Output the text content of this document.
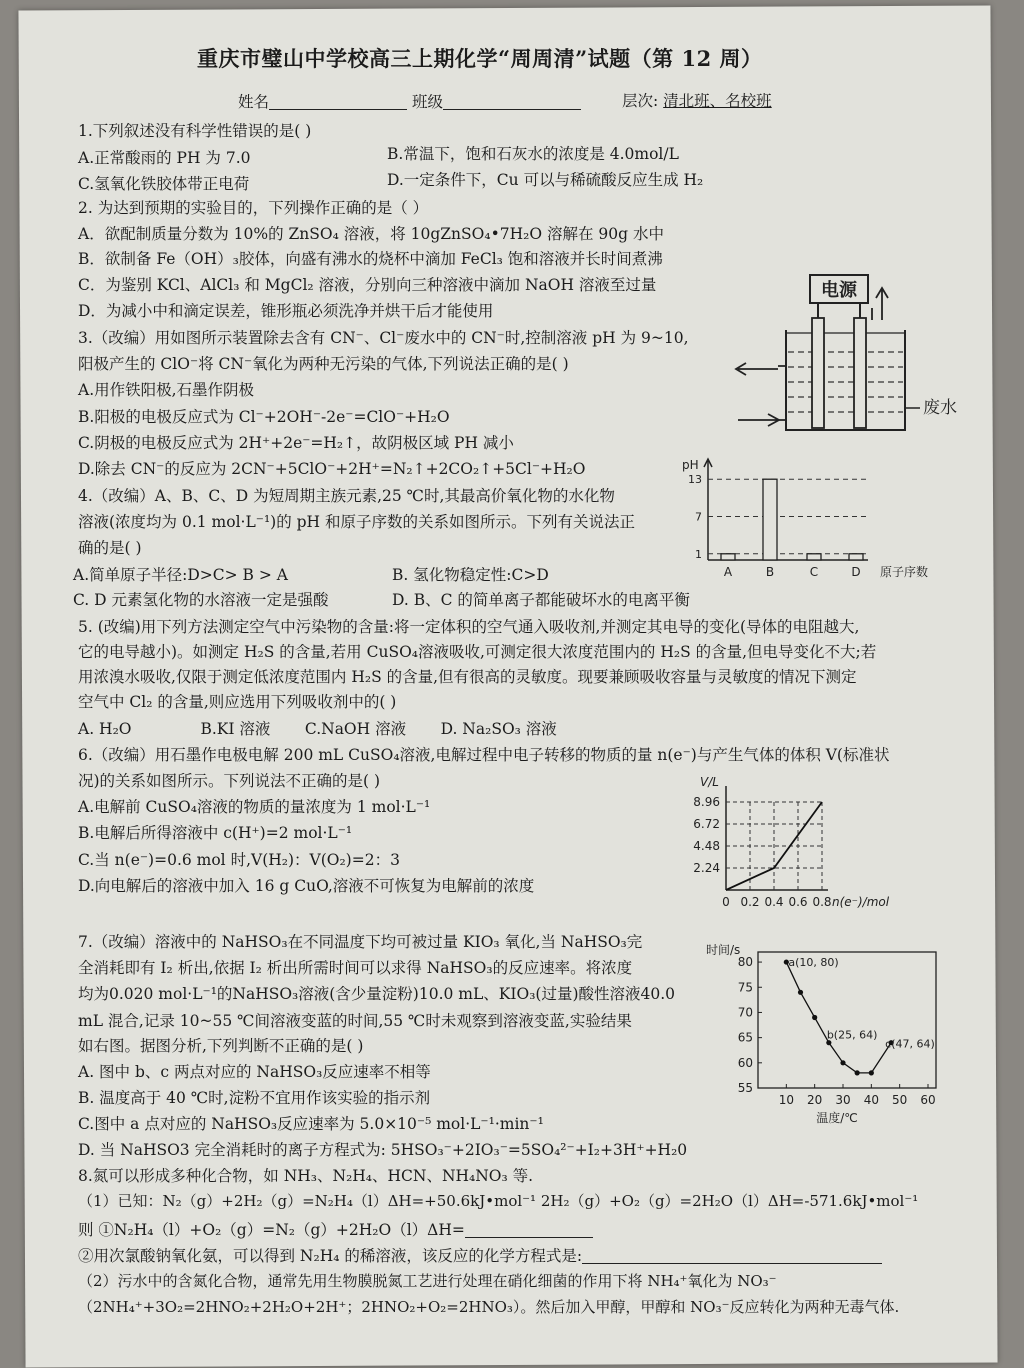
重庆市璧山中学校高三上期化学“周周清”试题（第 12 周）
姓名	班级	层次: 清北班、名校班
1.下列叙述没有科学性错误的是( )
A.正常酸雨的 PH 为 7.0	B.常温下，饱和石灰水的浓度是 4.0mol/L
C.氢氧化铁胶体带正电荷	D.一定条件下，Cu 可以与稀硫酸反应生成 H₂
2. 为达到预期的实验目的，下列操作正确的是（ ）
A．欲配制质量分数为 10%的 ZnSO₄ 溶液，将 10gZnSO₄•7H₂O 溶解在 90g 水中
B．欲制备 Fe（OH）₃胶体，向盛有沸水的烧杯中滴加 FeCl₃ 饱和溶液并长时间煮沸
C．为鉴别 KCl、AlCl₃ 和 MgCl₂ 溶液，分别向三种溶液中滴加 NaOH 溶液至过量
D．为减小中和滴定误差，锥形瓶必须洗净并烘干后才能使用
3.（改编）用如图所示装置除去含有 CN⁻、Cl⁻废水中的 CN⁻时,控制溶液 pH 为 9~10,
阳极产生的 ClO⁻将 CN⁻氧化为两种无污染的气体,下列说法正确的是( )
A.用作铁阳极,石墨作阴极
B.阳极的电极反应式为 Cl⁻+2OH⁻-2e⁻=ClO⁻+H₂O
C.阴极的电极反应式为 2H⁺+2e⁻=H₂↑，故阴极区域 PH 减小
D.除去 CN⁻的反应为 2CN⁻+5ClO⁻+2H⁺=N₂↑+2CO₂↑+5Cl⁻+H₂O
电源
废水
4.（改编）A、B、C、D 为短周期主族元素,25 ℃时,其最高价氧化物的水化物
溶液(浓度均为 0.1 mol·L⁻¹)的 pH 和原子序数的关系如图所示。下列有关说法正
确的是( )
A.简单原子半径:D>C> B > A	B. 氢化物稳定性:C>D
C. D 元素氢化物的水溶液一定是强酸	D. B、C 的简单离子都能破坏水的电离平衡
pH
1
7
13
A	B	C	D 原子序数
5. (改编)用下列方法测定空气中污染物的含量:将一定体积的空气通入吸收剂,并测定其电导的变化(导体的电阻越大,
它的电导越小)。如测定 H₂S 的含量,若用 CuSO₄溶液吸收,可测定很大浓度范围内的 H₂S 的含量,但电导变化不大;若
用浓溴水吸收,仅限于测定低浓度范围内 H₂S 的含量,但有很高的灵敏度。现要兼顾吸收容量与灵敏度的情况下测定
空气中 Cl₂ 的含量,则应选用下列吸收剂中的( )
A. H₂O              B.KI 溶液       C.NaOH 溶液       D. Na₂SO₃ 溶液
6.（改编）用石墨作电极电解 200 mL CuSO₄溶液,电解过程中电子转移的物质的量 n(e⁻)与产生气体的体积 V(标准状
况)的关系如图所示。下列说法不正确的是( )
A.电解前 CuSO₄溶液的物质的量浓度为 1 mol·L⁻¹
B.电解后所得溶液中 c(H⁺)=2 mol·L⁻¹
C.当 n(e⁻)=0.6 mol 时,V(H₂)：V(O₂)=2：3
D.向电解后的溶液中加入 16 g CuO,溶液不可恢复为电解前的浓度
V/L
2.24
4.48
6.72
8.96
0 0.2 0.4 0.6 0.8 n(e⁻)/mol
7.（改编）溶液中的 NaHSO₃在不同温度下均可被过量 KIO₃ 氧化,当 NaHSO₃完
全消耗即有 I₂ 析出,依据 I₂ 析出所需时间可以求得 NaHSO₃的反应速率。将浓度
均为0.020 mol·L⁻¹的NaHSO₃溶液(含少量淀粉)10.0 mL、KIO₃(过量)酸性溶液40.0
mL 混合,记录 10~55 ℃间溶液变蓝的时间,55 ℃时未观察到溶液变蓝,实验结果
如右图。据图分析,下列判断不正确的是( )
A. 图中 b、c 两点对应的 NaHSO₃反应速率不相等
B. 温度高于 40 ℃时,淀粉不宜用作该实验的指示剂
C.图中 a 点对应的 NaHSO₃反应速率为 5.0×10⁻⁵ mol·L⁻¹·min⁻¹
D. 当 NaHSO3 完全消耗时的离子方程式为: 5HSO₃⁻+2IO₃⁻=5SO₄²⁻+I₂+3H⁺+H₂0
时间/s
55
60
65
70
75
80
10 20 30 40 50 60
温度/℃
a(10, 80)
b(25, 64)
c(47, 64)
8.氮可以形成多种化合物，如 NH₃、N₂H₄、HCN、NH₄NO₃ 等.
（1）已知：N₂（g）+2H₂（g）=N₂H₄（l）ΔH=+50.6kJ•mol⁻¹ 2H₂（g）+O₂（g）=2H₂O（l）ΔH=-571.6kJ•mol⁻¹
则 ①N₂H₄（l）+O₂（g）=N₂（g）+2H₂O（l）ΔH=
②用次氯酸钠氧化氨，可以得到 N₂H₄ 的稀溶液，该反应的化学方程式是:
（2）污水中的含氮化合物，通常先用生物膜脱氮工艺进行处理在硝化细菌的作用下将 NH₄⁺氧化为 NO₃⁻
（2NH₄⁺+3O₂=2HNO₂+2H₂O+2H⁺；2HNO₂+O₂=2HNO₃）。然后加入甲醇，甲醇和 NO₃⁻反应转化为两种无毒气体.
